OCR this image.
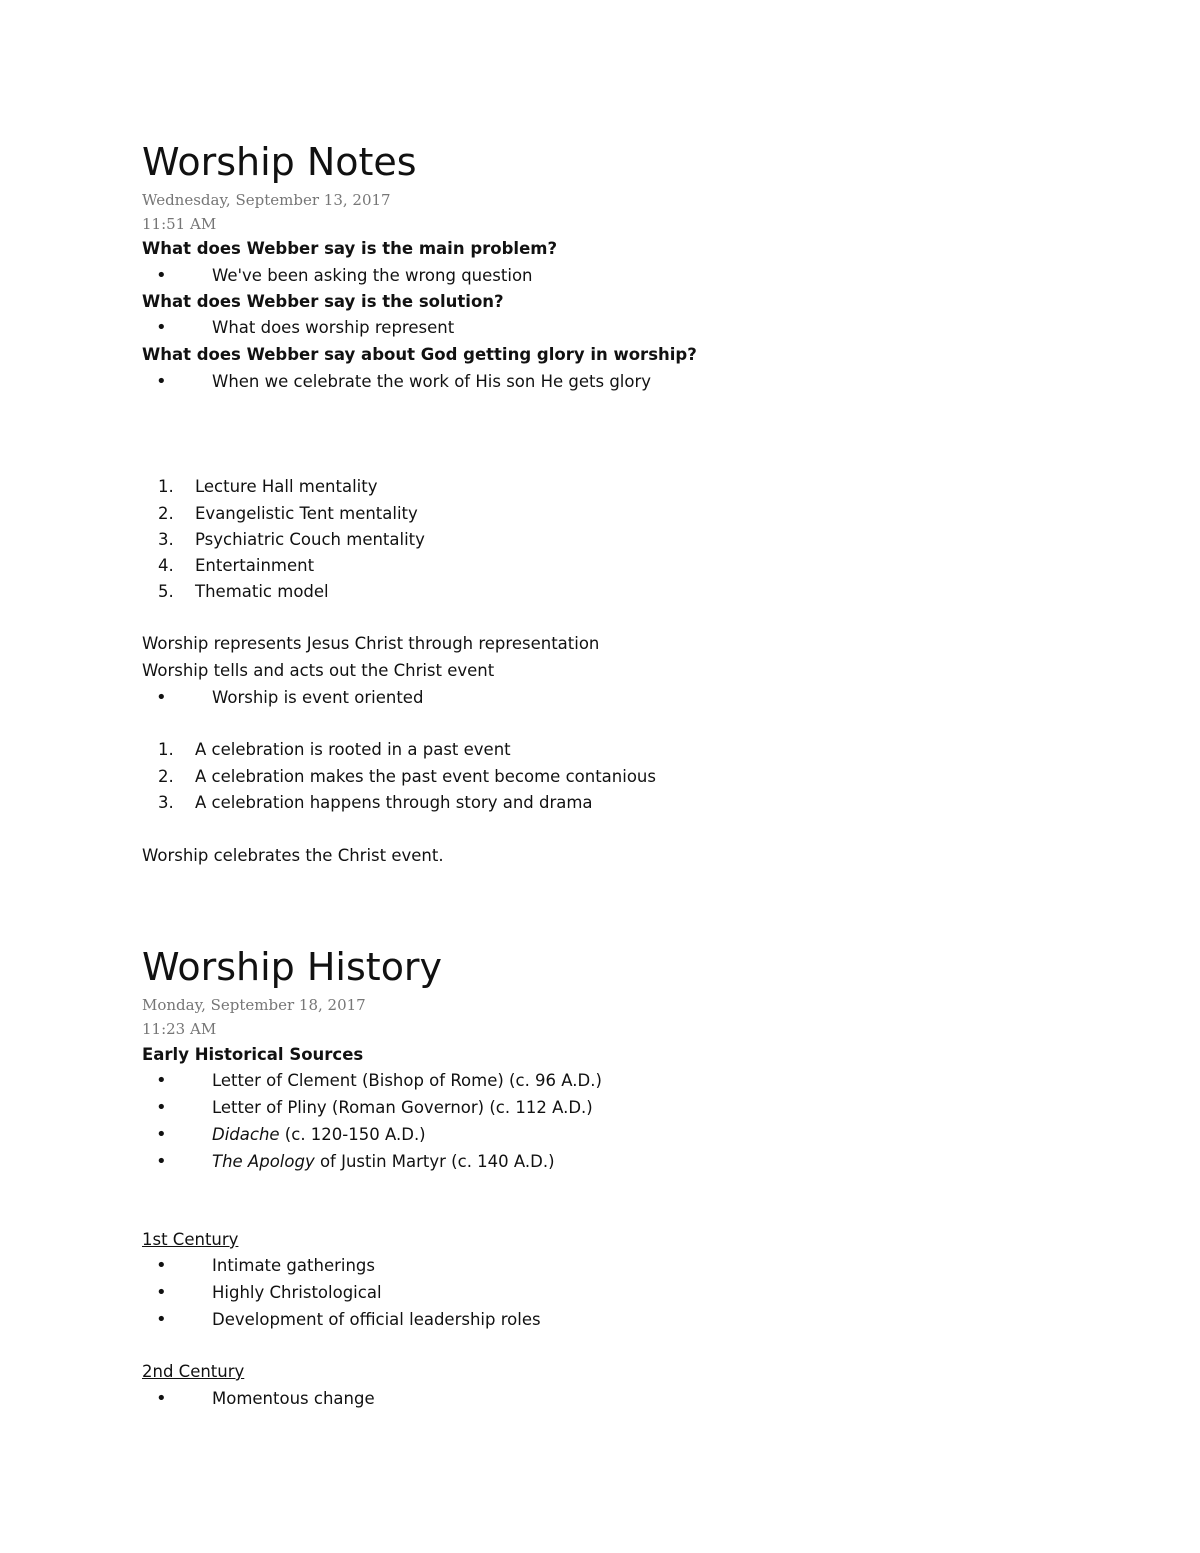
Worship Notes
Wednesday, September 13, 2017
11:51 AM
What does Webber say is the main problem?
•	We've been asking the wrong question
What does Webber say is the solution?
•	What does worship represent
What does Webber say about God getting glory in worship?
•	When we celebrate the work of His son He gets glory
1.	Lecture Hall mentality
2.	Evangelistic Tent mentality
3.	Psychiatric Couch mentality
4.	Entertainment
5.	Thematic model
Worship represents Jesus Christ through representation
Worship tells and acts out the Christ event
•	Worship is event oriented
1.	A celebration is rooted in a past event
2.	A celebration makes the past event become contanious
3.	A celebration happens through story and drama
Worship celebrates the Christ event.
Worship History
Monday, September 18, 2017
11:23 AM
Early Historical Sources
•	Letter of Clement (Bishop of Rome) (c. 96 A.D.)
•	Letter of Pliny (Roman Governor) (c. 112 A.D.)
•	Didache (c. 120-150 A.D.)
•	The Apology of Justin Martyr (c. 140 A.D.)
1st Century
•	Intimate gatherings
•	Highly Christological
•	Development of official leadership roles
2nd Century
•	Momentous change
